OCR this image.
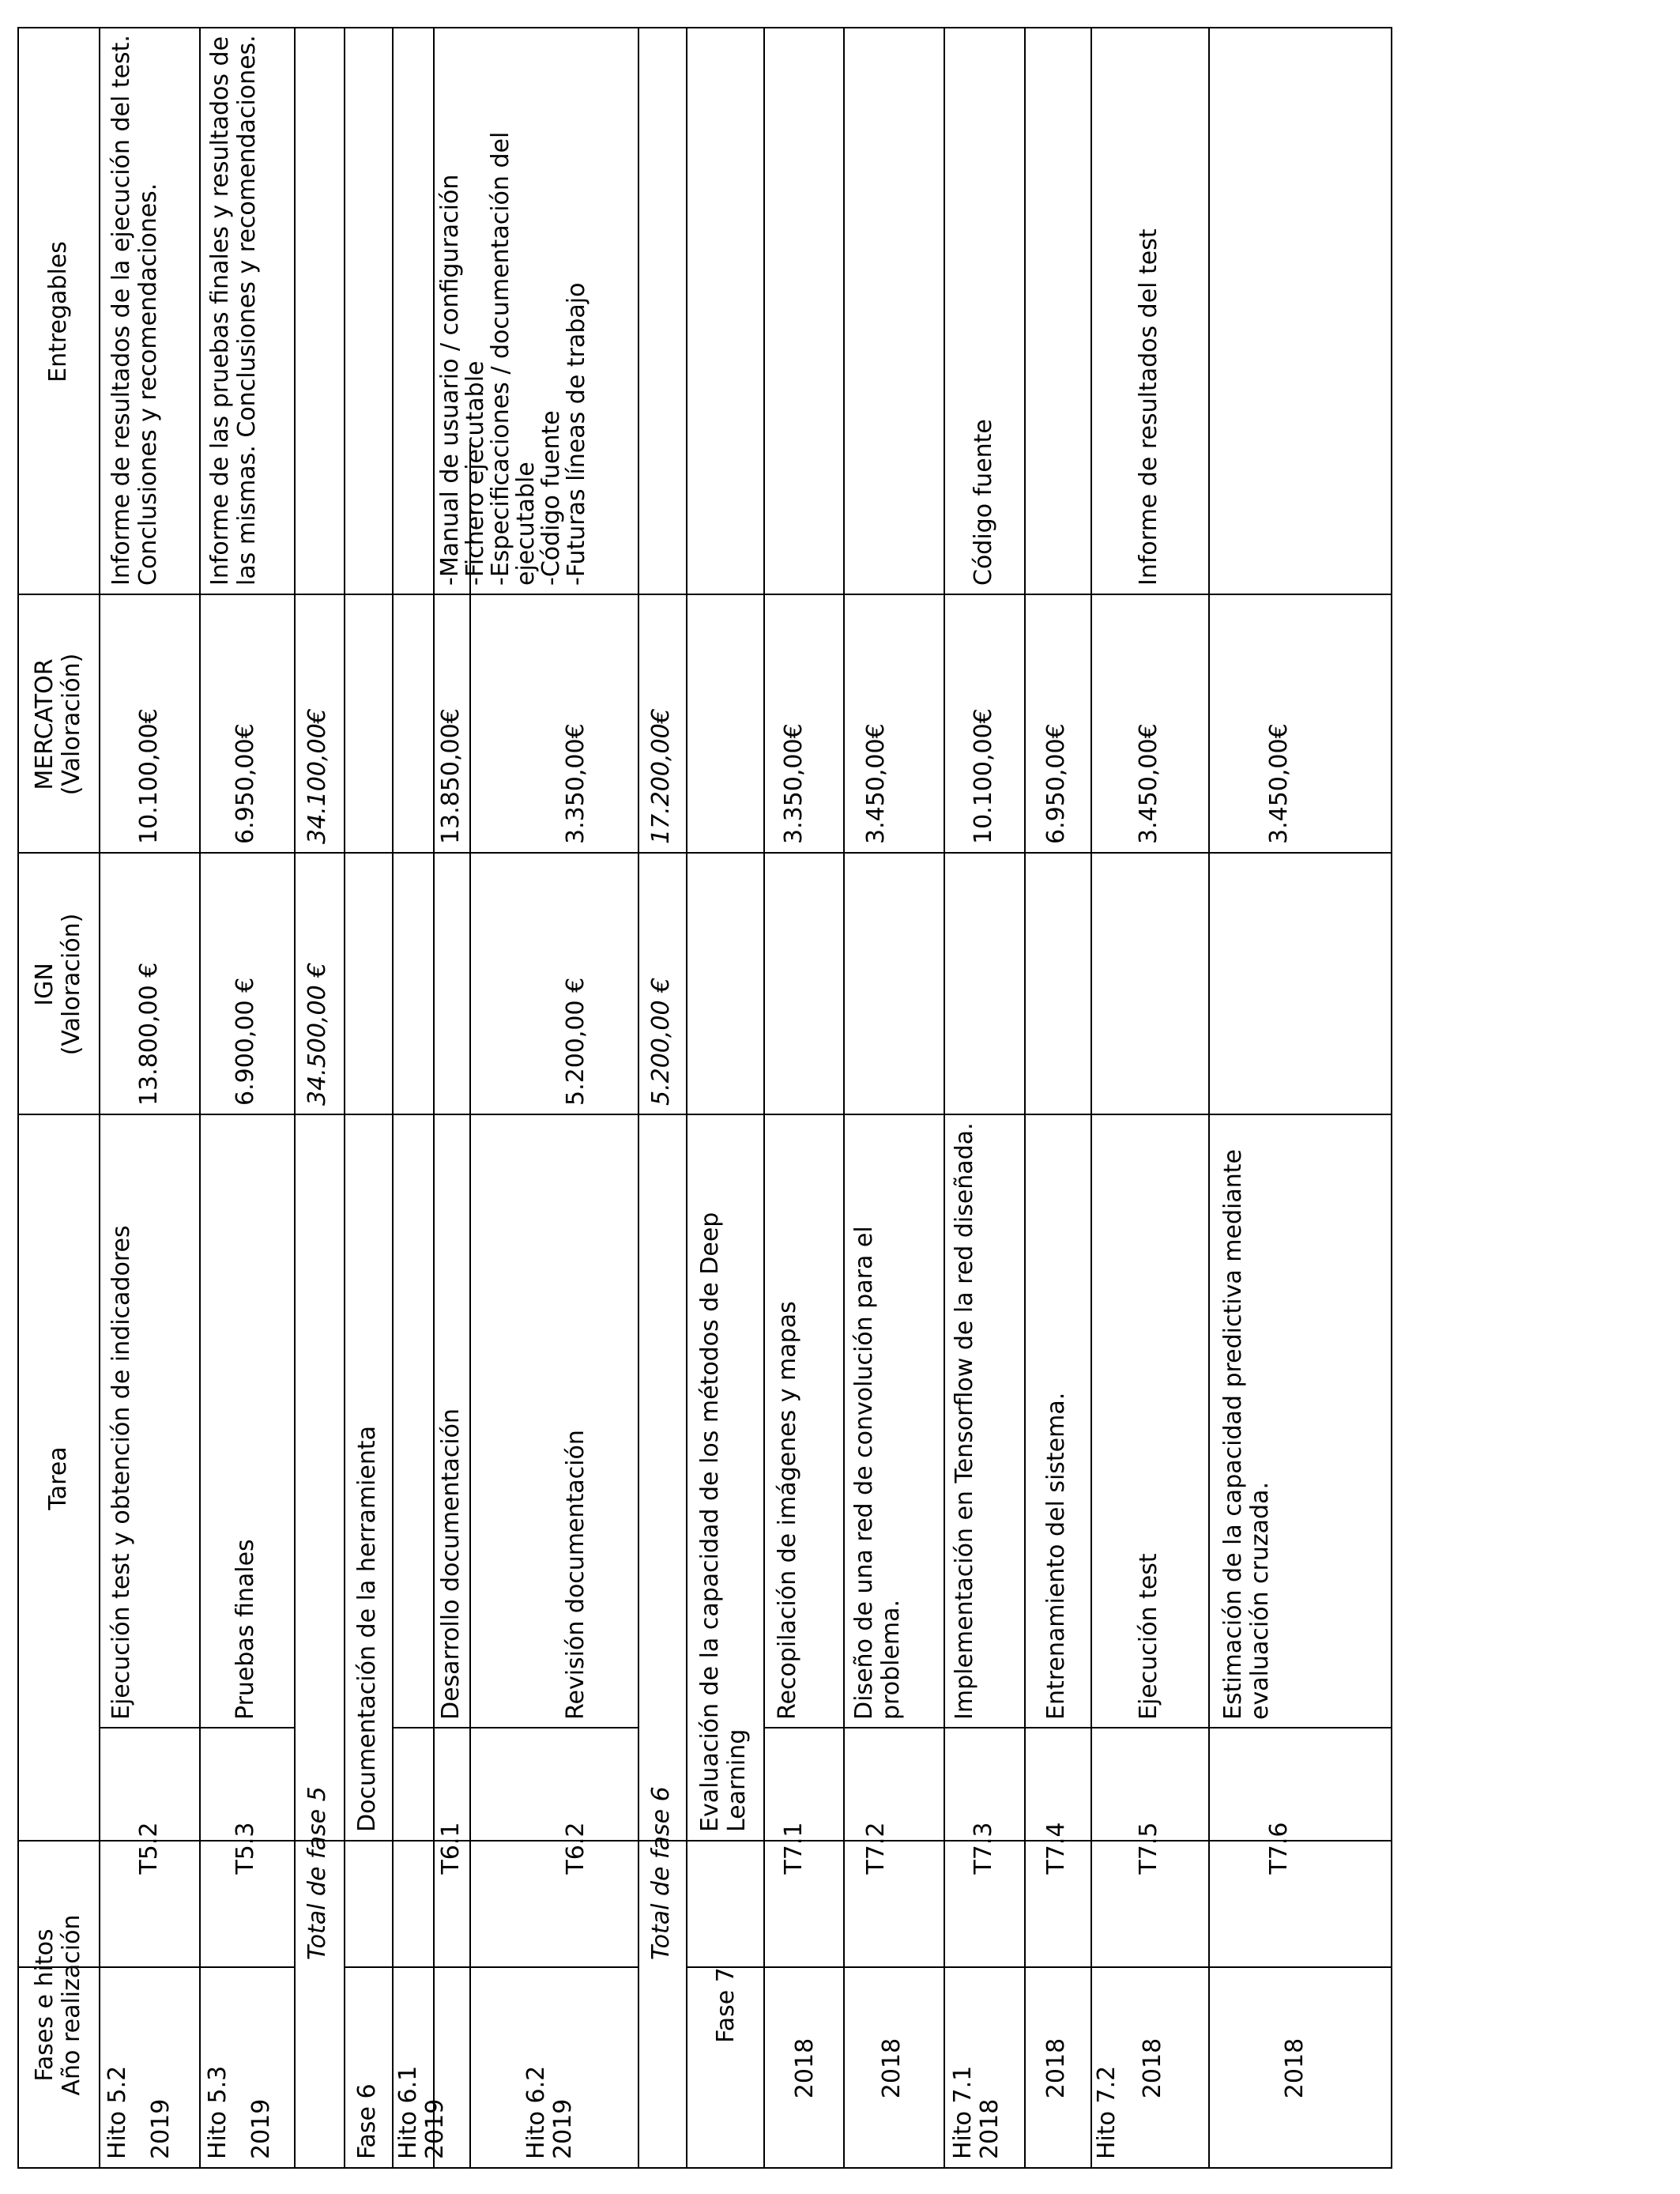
Fases e hitos Año realización
Tarea
IGN (Valoración)
MERCATOR (Valoración)
Entregables
Hito 5.2 2019
T5.2
Ejecución test y obtención de indicadores
13.800,00 €
10.100,00€
Informe de resultados de la ejecución del test. Conclusiones y recomendaciones.
Hito 5.3 2019
T5.3
Pruebas finales
6.900,00 €
6.950,00€
Informe de las pruebas finales y resultados de las mismas. Conclusiones y recomendaciones.
Total de fase 5
34.500,00 €
34.100,00€
Fase 6
Documentación de la herramienta
Hito 6.1 2019
T6.1
Desarrollo documentación
13.850,00€
Hito 6.2 2019
T6.2
Revisión documentación
5.200,00 €
3.350,00€
-Manual de usuario / configuración
-Fichero ejecutable
-Especificaciones / documentación del ejecutable
-Código fuente
-Futuras líneas de trabajo
Total de fase 6
5.200,00 €
17.200,00€
Fase 7
Evaluación de la capacidad de los métodos de Deep Learning
2018
T7.1
Recopilación de imágenes y mapas
3.350,00€
2018
T7.2
Diseño de una red de convolución para el problema.
3.450,00€
Hito 7.1 2018
T7.3
Implementación en Tensorflow de la red diseñada.
10.100,00€
Código fuente
2018
T7.4
Entrenamiento del sistema.
6.950,00€
Hito 7.2 2018
T7.5
Ejecución test
3.450,00€
Informe de resultados del test
2018
T7.6
Estimación de la capacidad predictiva mediante evaluación cruzada.
3.450,00€
